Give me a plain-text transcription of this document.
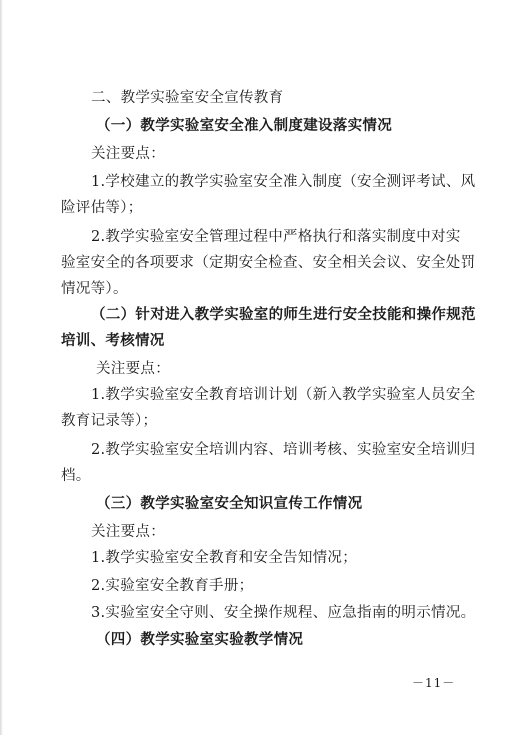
二、教学实验室安全宣传教育
（一）教学实验室安全准入制度建设落实情况
关注要点：
1.学校建立的教学实验室安全准入制度（安全测评考试、风
险评估等）；
2.教学实验室安全管理过程中严格执行和落实制度中对实
验室安全的各项要求（定期安全检查、安全相关会议、安全处罚
情况等）。
（二）针对进入教学实验室的师生进行安全技能和操作规范
培训、考核情况
关注要点：
1.教学实验室安全教育培训计划（新入教学实验室人员安全
教育记录等）；
2.教学实验室安全培训内容、培训考核、实验室安全培训归
档。
（三）教学实验室安全知识宣传工作情况
关注要点：
1.教学实验室安全教育和安全告知情况；
2.实验室安全教育手册；
3.实验室安全守则、安全操作规程、应急指南的明示情况。
（四）教学实验室实验教学情况
－11－
